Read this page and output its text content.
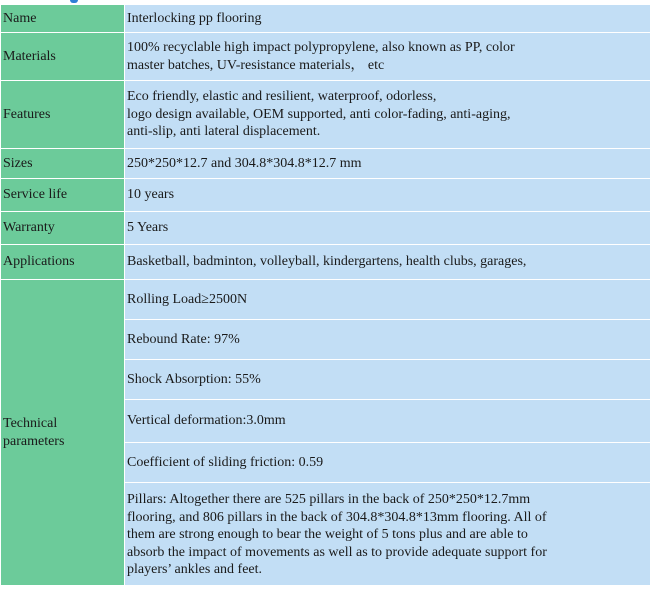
Name	Interlocking pp flooring
Materials	100% recyclable high impact polypropylene, also known as PP, color
master batches, UV-resistance materials， etc

Features	Eco friendly, elastic and resilient, waterproof, odorless,
logo design available, OEM supported, anti color-fading, anti-aging,
anti-slip, anti lateral displacement.

Sizes	250*250*12.7 and 304.8*304.8*12.7 mm
Service life	10 years
Warranty	5 Years
Applications	Basketball, badminton, volleyball, kindergartens, health clubs, garages,

Technical
parameters	Rolling Load≥2500N
	Rebound Rate: 97%
	Shock Absorption: 55%
	Vertical deformation:3.0mm
	Coefficient of sliding friction: 0.59

	Pillars: Altogether there are 525 pillars in the back of 250*250*12.7mm
flooring, and 806 pillars in the back of 304.8*304.8*13mm flooring. All of
them are strong enough to bear the weight of 5 tons plus and are able to
absorb the impact of movements as well as to provide adequate support for
players’ ankles and feet.
